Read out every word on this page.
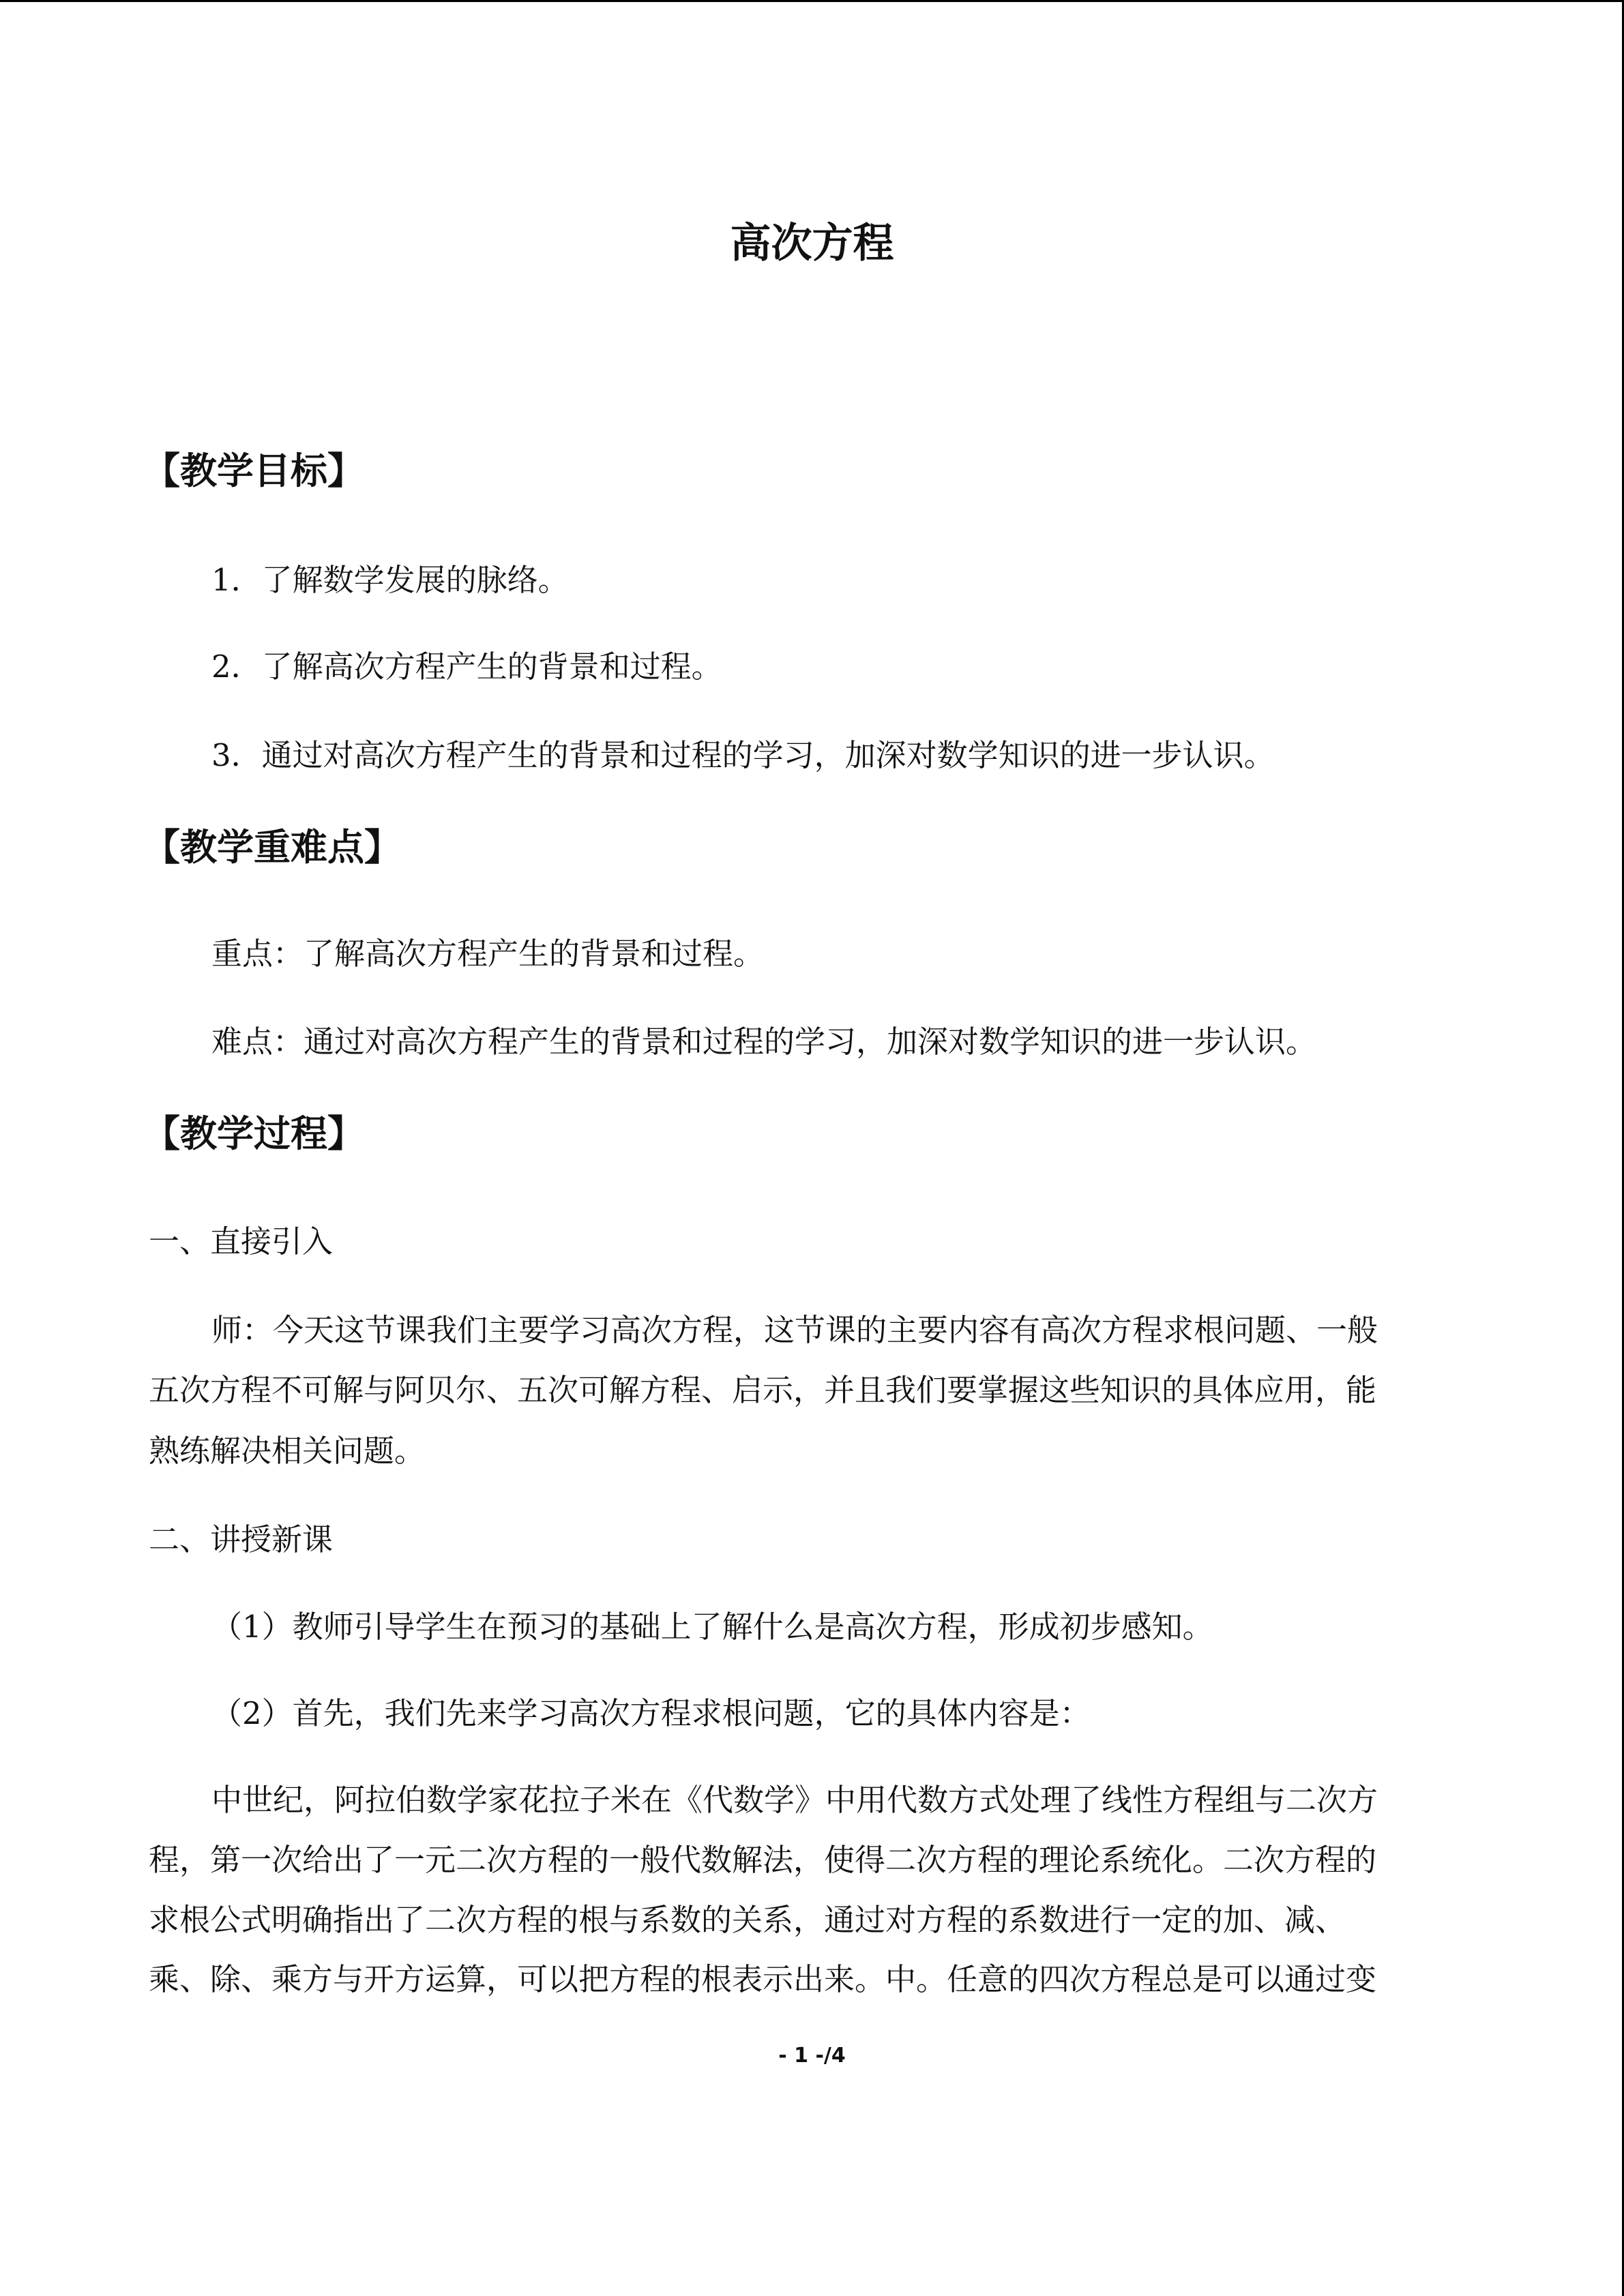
高次方程
【教学目标】
1．了解数学发展的脉络。
2．了解高次方程产生的背景和过程。
3．通过对高次方程产生的背景和过程的学习，加深对数学知识的进一步认识。
【教学重难点】
重点：了解高次方程产生的背景和过程。
难点：通过对高次方程产生的背景和过程的学习，加深对数学知识的进一步认识。
【教学过程】
一、直接引入
师：今天这节课我们主要学习高次方程，这节课的主要内容有高次方程求根问题、一般
五次方程不可解与阿贝尔、五次可解方程、启示，并且我们要掌握这些知识的具体应用，能
熟练解决相关问题。
二、讲授新课
（1）教师引导学生在预习的基础上了解什么是高次方程，形成初步感知。
（2）首先，我们先来学习高次方程求根问题，它的具体内容是：
中世纪，阿拉伯数学家花拉子米在《代数学》中用代数方式处理了线性方程组与二次方
程，第一次给出了一元二次方程的一般代数解法，使得二次方程的理论系统化。二次方程的
求根公式明确指出了二次方程的根与系数的关系，通过对方程的系数进行一定的加、减、
乘、除、乘方与开方运算，可以把方程的根表示出来。中。任意的四次方程总是可以通过变
- 1 -/4
